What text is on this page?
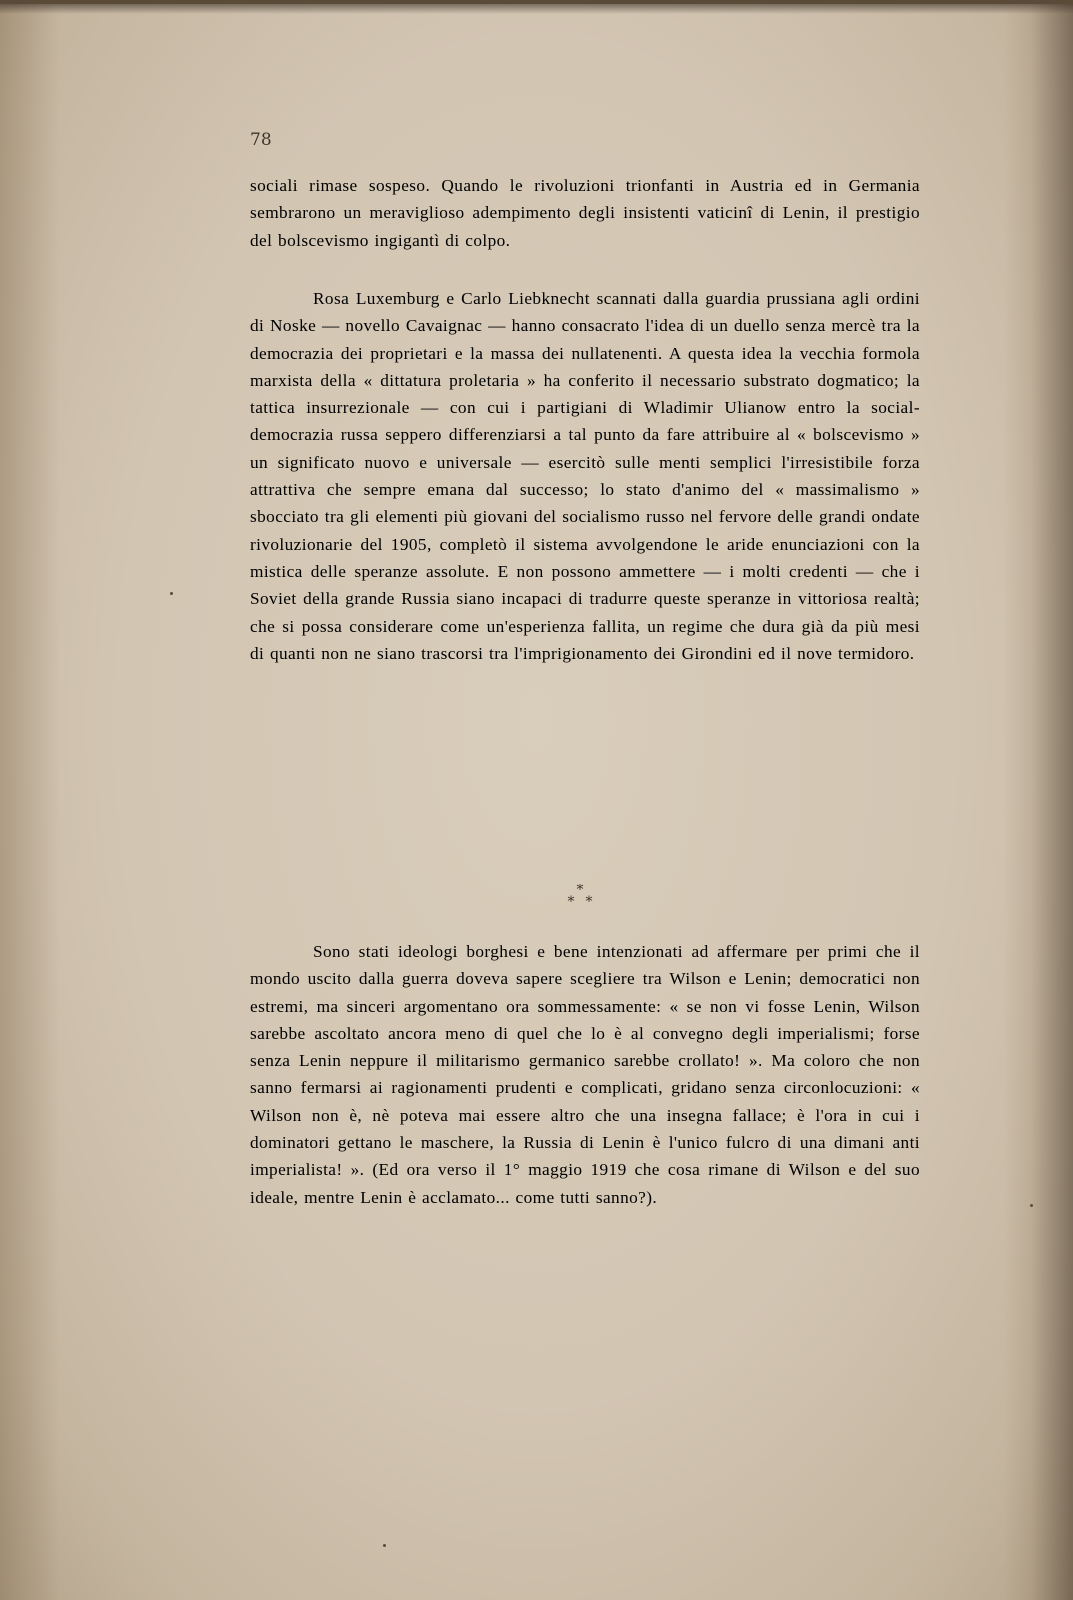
78

sociali rimase sospeso. Quando le rivoluzioni trionfanti in Austria ed in Germania sembrarono un meraviglioso adempimento degli insistenti vaticinî di Lenin, il prestigio del bolscevismo ingigantì di colpo.

Rosa Luxemburg e Carlo Liebknecht scannati dalla guardia prussiana agli ordini di Noske — novello Cavaignac — hanno consacrato l'idea di un duello senza mercè tra la democrazia dei proprietari e la massa dei nullatenenti. A questa idea la vecchia formola marxista della « dittatura proletaria » ha conferito il necessario substrato dogmatico; la tattica insurrezionale — con cui i partigiani di Wladimir Ulianow entro la social-democrazia russa seppero differenziarsi a tal punto da fare attribuire al « bolscevismo » un significato nuovo e universale — esercitò sulle menti semplici l'irresistibile forza attrattiva che sempre emana dal successo; lo stato d'animo del « massimalismo » sbocciato tra gli elementi più giovani del socialismo russo nel fervore delle grandi ondate rivoluzionarie del 1905, completò il sistema avvolgendone le aride enunciazioni con la mistica delle speranze assolute. E non possono ammettere — i molti credenti — che i Soviet della grande Russia siano incapaci di tradurre queste speranze in vittoriosa realtà; che si possa considerare come un'esperienza fallita, un regime che dura già da più mesi di quanti non ne siano trascorsi tra l'imprigionamento dei Girondini ed il nove termidoro.

*
* *

Sono stati ideologi borghesi e bene intenzionati ad affermare per primi che il mondo uscito dalla guerra doveva sapere scegliere tra Wilson e Lenin; democratici non estremi, ma sinceri argomentano ora sommessamente: « se non vi fosse Lenin, Wilson sarebbe ascoltato ancora meno di quel che lo è al convegno degli imperialismi; forse senza Lenin neppure il militarismo germanico sarebbe crollato! ». Ma coloro che non sanno fermarsi ai ragionamenti prudenti e complicati, gridano senza circonlocuzioni: « Wilson non è, nè poteva mai essere altro che una insegna fallace; è l'ora in cui i dominatori gettano le maschere, la Russia di Lenin è l'unico fulcro di una dimani anti imperialista! ». (Ed ora verso il 1° maggio 1919 che cosa rimane di Wilson e del suo ideale, mentre Lenin è acclamato... come tutti sanno?).
